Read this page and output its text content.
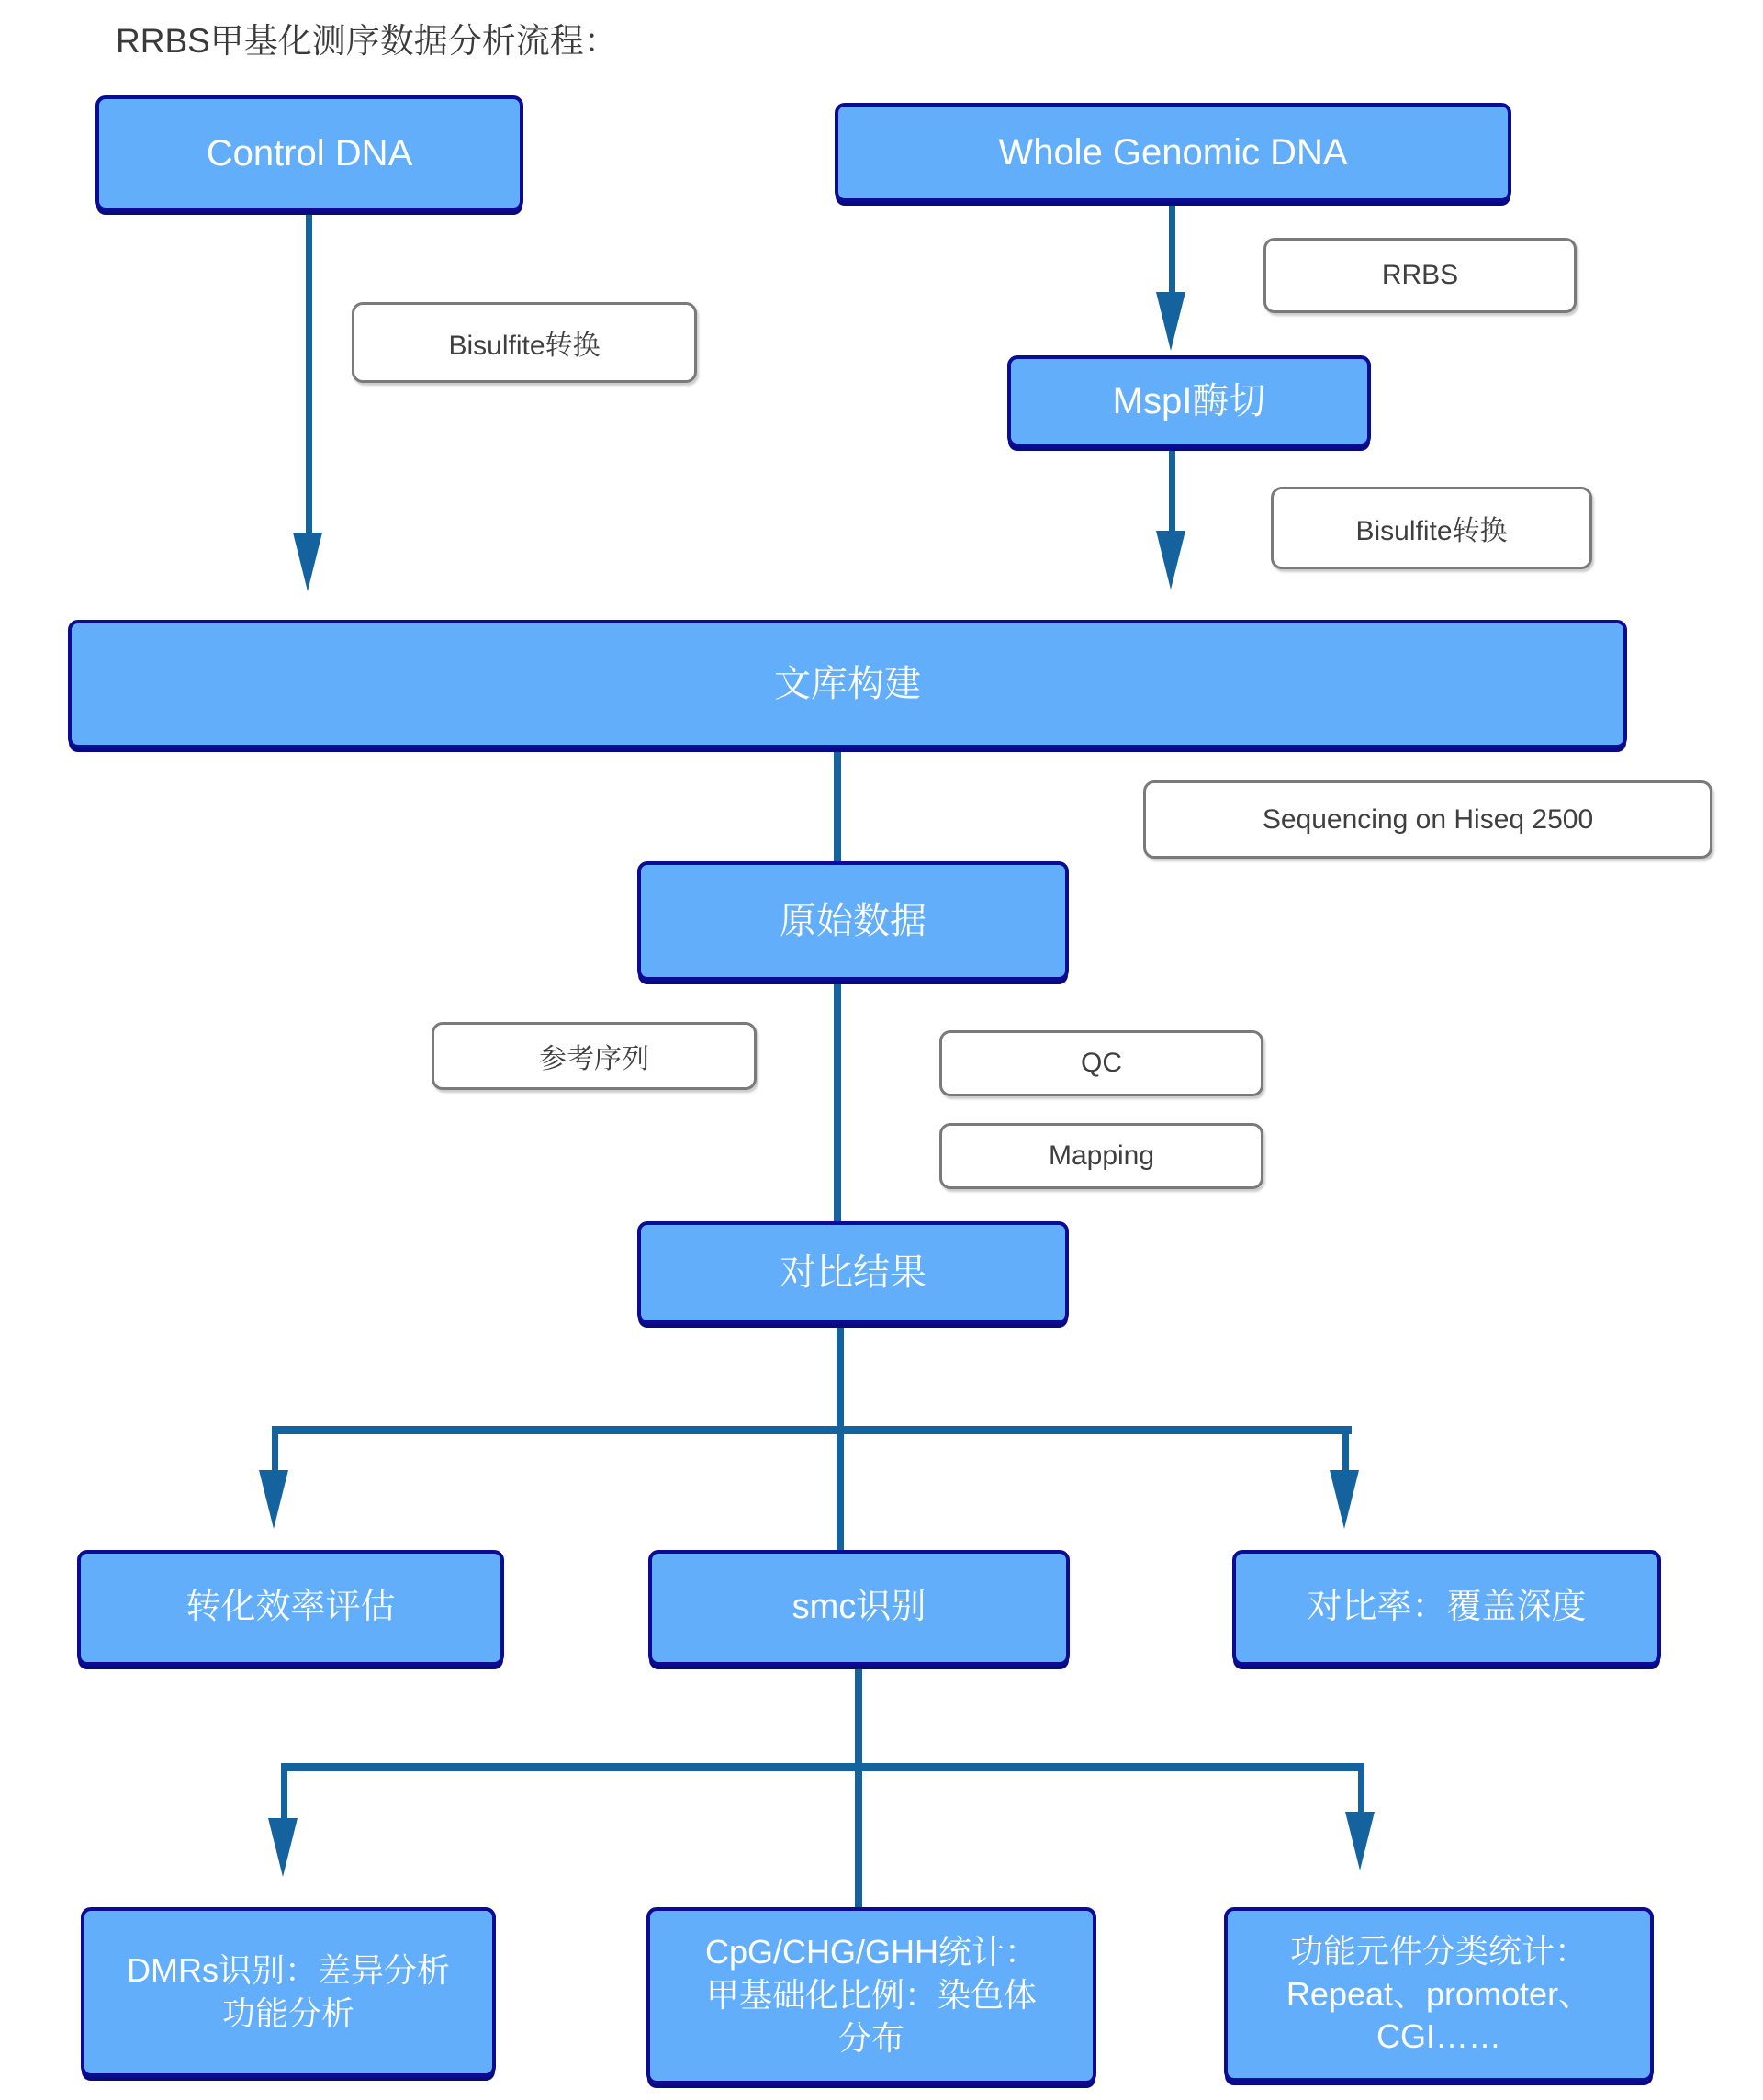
RRBS甲基化测序数据分析流程：
Control DNA	Whole Genomic DNA
MspI酶切
文库构建
原始数据
对比结果
转化效率评估	smc识别	对比率：覆盖深度
DMRs识别：差异分析
功能分析
CpG/CHG/GHH统计：
甲基础化比例：染色体
分布
功能元件分类统计：
Repeat、promoter、
CGI……
Bisulfite转换
RRBS
Bisulfite转换
Sequencing on Hiseq 2500
参考序列	QC
Mapping
